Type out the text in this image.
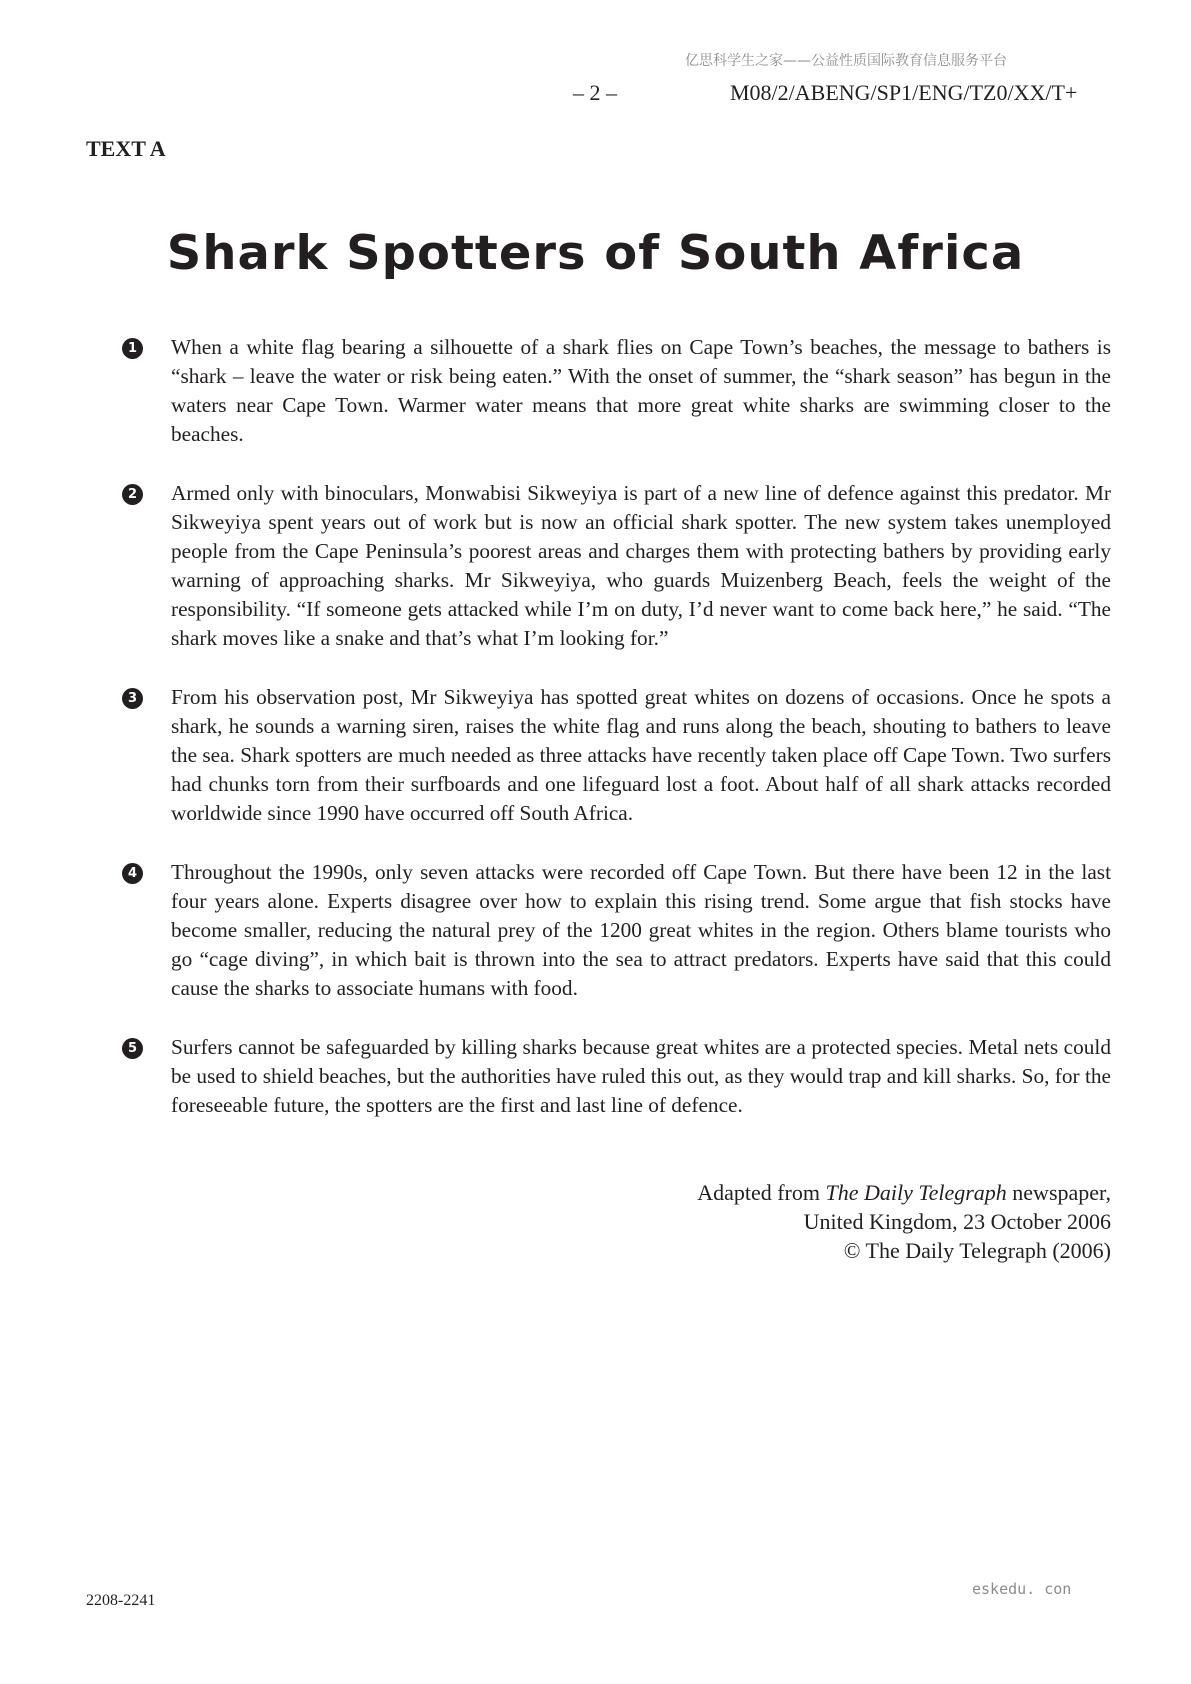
亿思科学生之家——公益性质国际教育信息服务平台
– 2 –	M08/2/ABENG/SP1/ENG/TZ0/XX/T+
TEXT A
Shark Spotters of South Africa
1 When a white flag bearing a silhouette of a shark flies on Cape Town’s beaches, the message to bathers is “shark – leave the water or risk being eaten.” With the onset of summer, the “shark season” has begun in the waters near Cape Town. Warmer water means that more great white sharks are swimming closer to the beaches.
2 Armed only with binoculars, Monwabisi Sikweyiya is part of a new line of defence against this predator. Mr Sikweyiya spent years out of work but is now an official shark spotter. The new system takes unemployed people from the Cape Peninsula’s poorest areas and charges them with protecting bathers by providing early warning of approaching sharks. Mr Sikweyiya, who guards Muizenberg Beach, feels the weight of the responsibility. “If someone gets attacked while I’m on duty, I’d never want to come back here,” he said. “The shark moves like a snake and that’s what I’m looking for.”
3 From his observation post, Mr Sikweyiya has spotted great whites on dozens of occasions. Once he spots a shark, he sounds a warning siren, raises the white flag and runs along the beach, shouting to bathers to leave the sea. Shark spotters are much needed as three attacks have recently taken place off Cape Town. Two surfers had chunks torn from their surfboards and one lifeguard lost a foot. About half of all shark attacks recorded worldwide since 1990 have occurred off South Africa.
4 Throughout the 1990s, only seven attacks were recorded off Cape Town. But there have been 12 in the last four years alone. Experts disagree over how to explain this rising trend. Some argue that fish stocks have become smaller, reducing the natural prey of the 1200 great whites in the region. Others blame tourists who go “cage diving”, in which bait is thrown into the sea to attract predators. Experts have said that this could cause the sharks to associate humans with food.
5 Surfers cannot be safeguarded by killing sharks because great whites are a protected species. Metal nets could be used to shield beaches, but the authorities have ruled this out, as they would trap and kill sharks. So, for the foreseeable future, the spotters are the first and last line of defence.
Adapted from The Daily Telegraph newspaper,
United Kingdom, 23 October 2006
© The Daily Telegraph (2006)
2208-2241
eskedu. con
